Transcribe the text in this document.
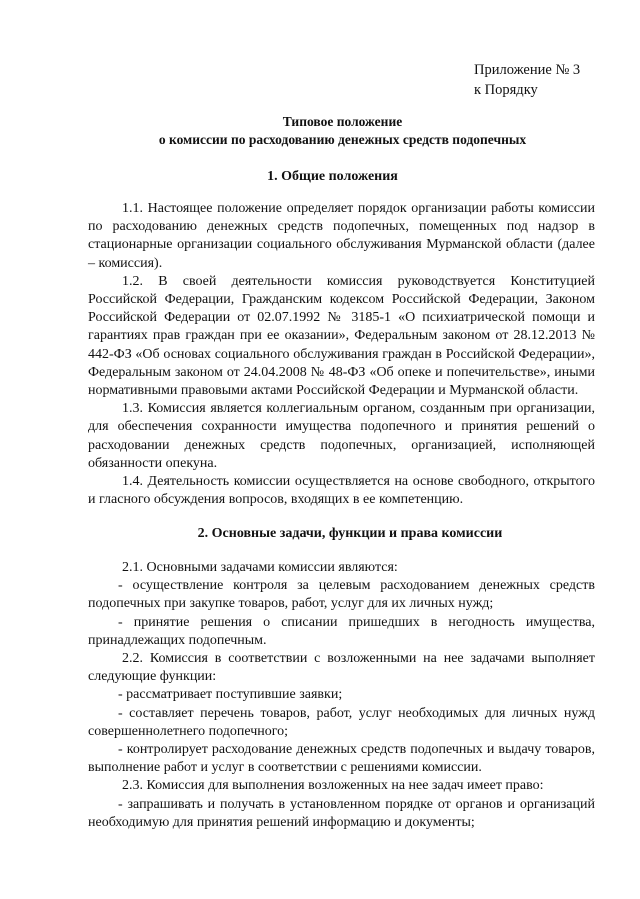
Приложение № 3
к Порядку
Типовое положение
о комиссии по расходованию денежных средств подопечных
1. Общие положения

1.1. Настоящее положение определяет порядок организации работы комиссии по расходованию денежных средств подопечных, помещенных под надзор в стационарные организации социального обслуживания Мурманской области (далее – комиссия).

1.2. В своей деятельности комиссия руководствуется Конституцией Российской Федерации, Гражданским кодексом Российской Федерации, Законом Российской Федерации от 02.07.1992 № 3185-1 «О психиатрической помощи и гарантиях прав граждан при ее оказании», Федеральным законом от 28.12.2013 № 442-ФЗ «Об основах социального обслуживания граждан в Российской Федерации», Федеральным законом от 24.04.2008 № 48-ФЗ «Об опеке и попечительстве», иными нормативными правовыми актами Российской Федерации и Мурманской области.

1.3. Комиссия является коллегиальным органом, созданным при организации, для обеспечения сохранности имущества подопечного и принятия решений о расходовании денежных средств подопечных, организацией, исполняющей обязанности опекуна.

1.4. Деятельность комиссии осуществляется на основе свободного, открытого и гласного обсуждения вопросов, входящих в ее компетенцию.

2. Основные задачи, функции и права комиссии

2.1. Основными задачами комиссии являются:

- осуществление контроля за целевым расходованием денежных средств подопечных при закупке товаров, работ, услуг для их личных нужд;

- принятие решения о списании пришедших в негодность имущества, принадлежащих подопечным.

2.2. Комиссия в соответствии с возложенными на нее задачами выполняет следующие функции:

- рассматривает поступившие заявки;

- составляет перечень товаров, работ, услуг необходимых для личных нужд совершеннолетнего подопечного;

- контролирует расходование денежных средств подопечных и выдачу товаров, выполнение работ и услуг в соответствии с решениями комиссии.

2.3. Комиссия для выполнения возложенных на нее задач имеет право:

- запрашивать и получать в установленном порядке от органов и организаций необходимую для принятия решений информацию и документы;
